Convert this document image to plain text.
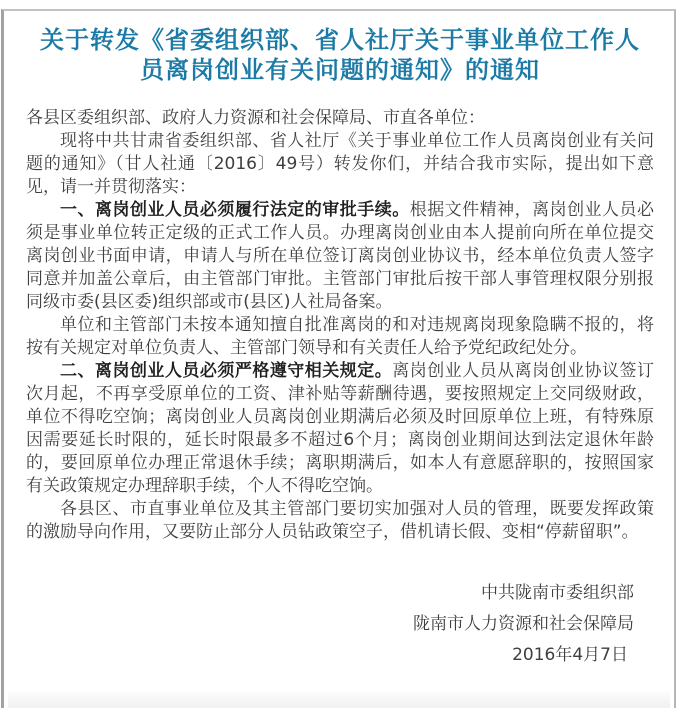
关于转发《省委组织部、省人社厅关于事业单位工作人员离岗创业有关问题的通知》的通知

各县区委组织部、政府人力资源和社会保障局、市直各单位：

现将中共甘肃省委组织部、省人社厅《关于事业单位工作人员离岗创业有关问题的通知》（甘人社通〔2016〕49号）转发你们，并结合我市实际，提出如下意见，请一并贯彻落实：

一、离岗创业人员必须履行法定的审批手续。根据文件精神，离岗创业人员必须是事业单位转正定级的正式工作人员。办理离岗创业由本人提前向所在单位提交离岗创业书面申请，申请人与所在单位签订离岗创业协议书，经本单位负责人签字同意并加盖公章后，由主管部门审批。主管部门审批后按干部人事管理权限分别报同级市委(县区委)组织部或市(县区)人社局备案。

单位和主管部门未按本通知擅自批准离岗的和对违规离岗现象隐瞒不报的，将按有关规定对单位负责人、主管部门领导和有关责任人给予党纪政纪处分。

二、离岗创业人员必须严格遵守相关规定。离岗创业人员从离岗创业协议签订次月起，不再享受原单位的工资、津补贴等薪酬待遇，要按照规定上交同级财政，单位不得吃空饷；离岗创业人员离岗创业期满后必须及时回原单位上班，有特殊原因需要延长时限的，延长时限最多不超过6个月；离岗创业期间达到法定退休年龄的，要回原单位办理正常退休手续；离职期满后，如本人有意愿辞职的，按照国家有关政策规定办理辞职手续，个人不得吃空饷。

各县区、市直事业单位及其主管部门要切实加强对人员的管理，既要发挥政策的激励导向作用，又要防止部分人员钻政策空子，借机请长假、变相“停薪留职”。

中共陇南市委组织部
陇南市人力资源和社会保障局
2016年4月7日
